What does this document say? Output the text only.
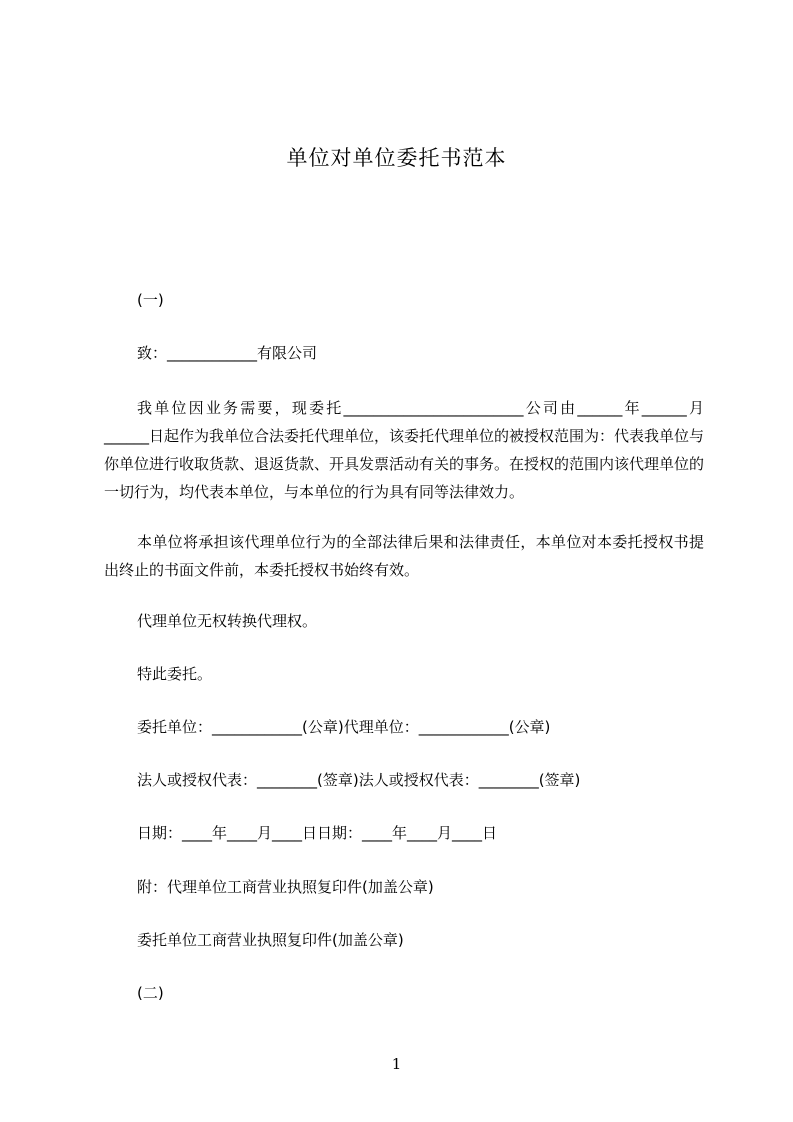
单位对单位委托书范本

(一)

致：____________有限公司

我单位因业务需要，现委托________________________公司由______年______月______日起作为我单位合法委托代理单位，该委托代理单位的被授权范围为：代表我单位与你单位进行收取货款、退返货款、开具发票活动有关的事务。在授权的范围内该代理单位的一切行为，均代表本单位，与本单位的行为具有同等法律效力。

本单位将承担该代理单位行为的全部法律后果和法律责任，本单位对本委托授权书提出终止的书面文件前，本委托授权书始终有效。

代理单位无权转换代理权。

特此委托。

委托单位：____________(公章)代理单位：____________(公章)

法人或授权代表：________(签章)法人或授权代表：________(签章)

日期：____年____月____日日期：____年____月____日

附：代理单位工商营业执照复印件(加盖公章)

委托单位工商营业执照复印件(加盖公章)

(二)

1
